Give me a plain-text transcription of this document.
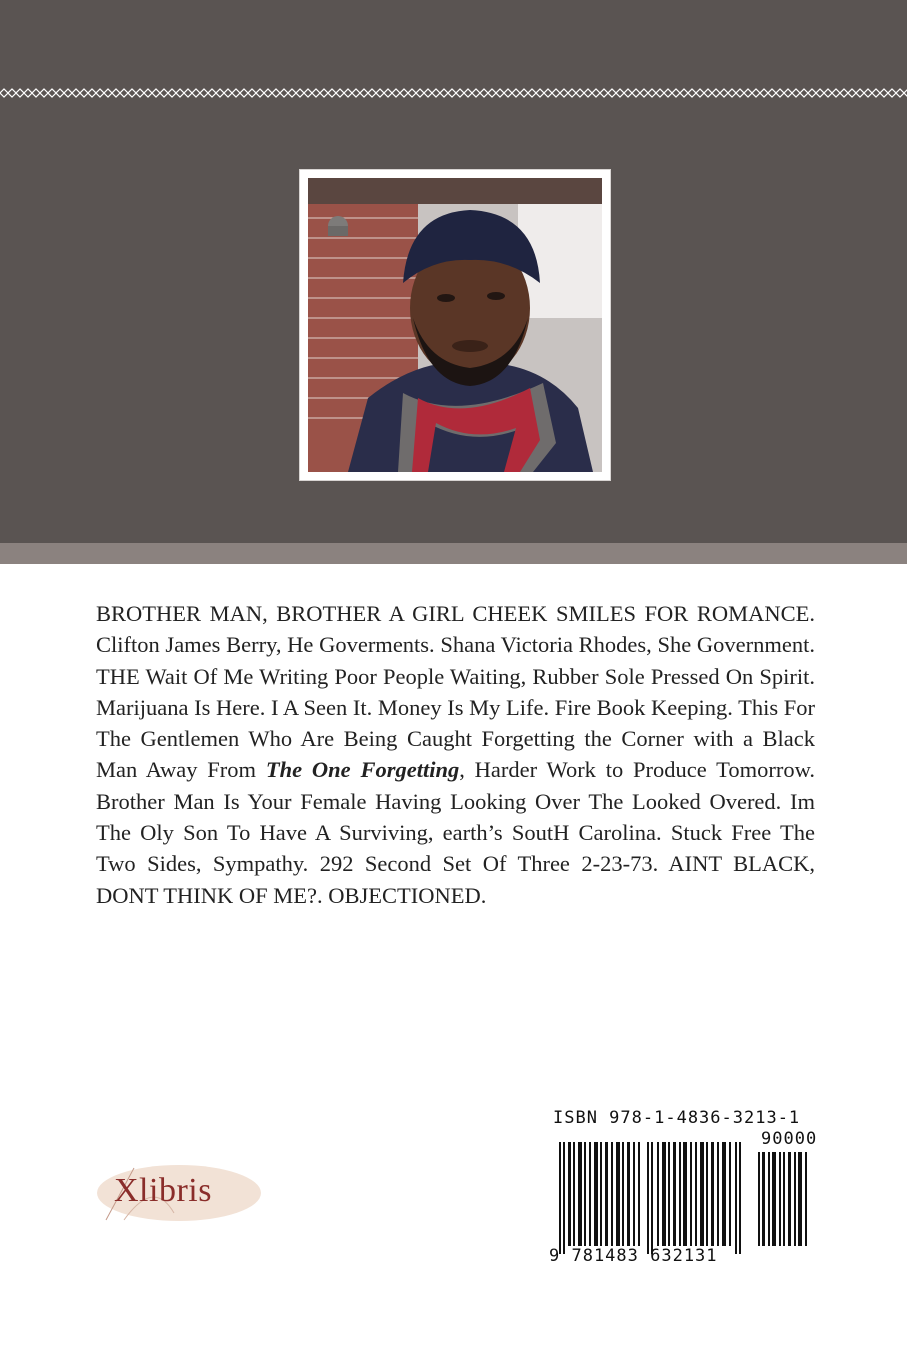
BROTHER MAN, BROTHER A GIRL CHEEK SMILES FOR ROMANCE. Clifton James Berry, He Goverments. Shana Victoria Rhodes, She Government. THE Wait Of Me Writing Poor People Waiting, Rubber Sole Pressed On Spirit. Marijuana Is Here. I A Seen It. Money Is My Life. Fire Book Keeping. This For The Gentlemen Who Are Being Caught Forgetting the Corner with a Black Man Away From The One Forgetting, Harder Work to Produce Tomorrow. Brother Man Is Your Female Having Looking Over The Looked Overed. Im The Oly Son To Have A Surviving, earth’s SoutH Carolina. Stuck Free The Two Sides, Sympathy. 292 Second Set Of Three 2-23-73. AINT BLACK, DONT THINK OF ME?. OBJECTIONED.
Xlibris
ISBN 978-1-4836-3213-1
90000
9 781483 632131
